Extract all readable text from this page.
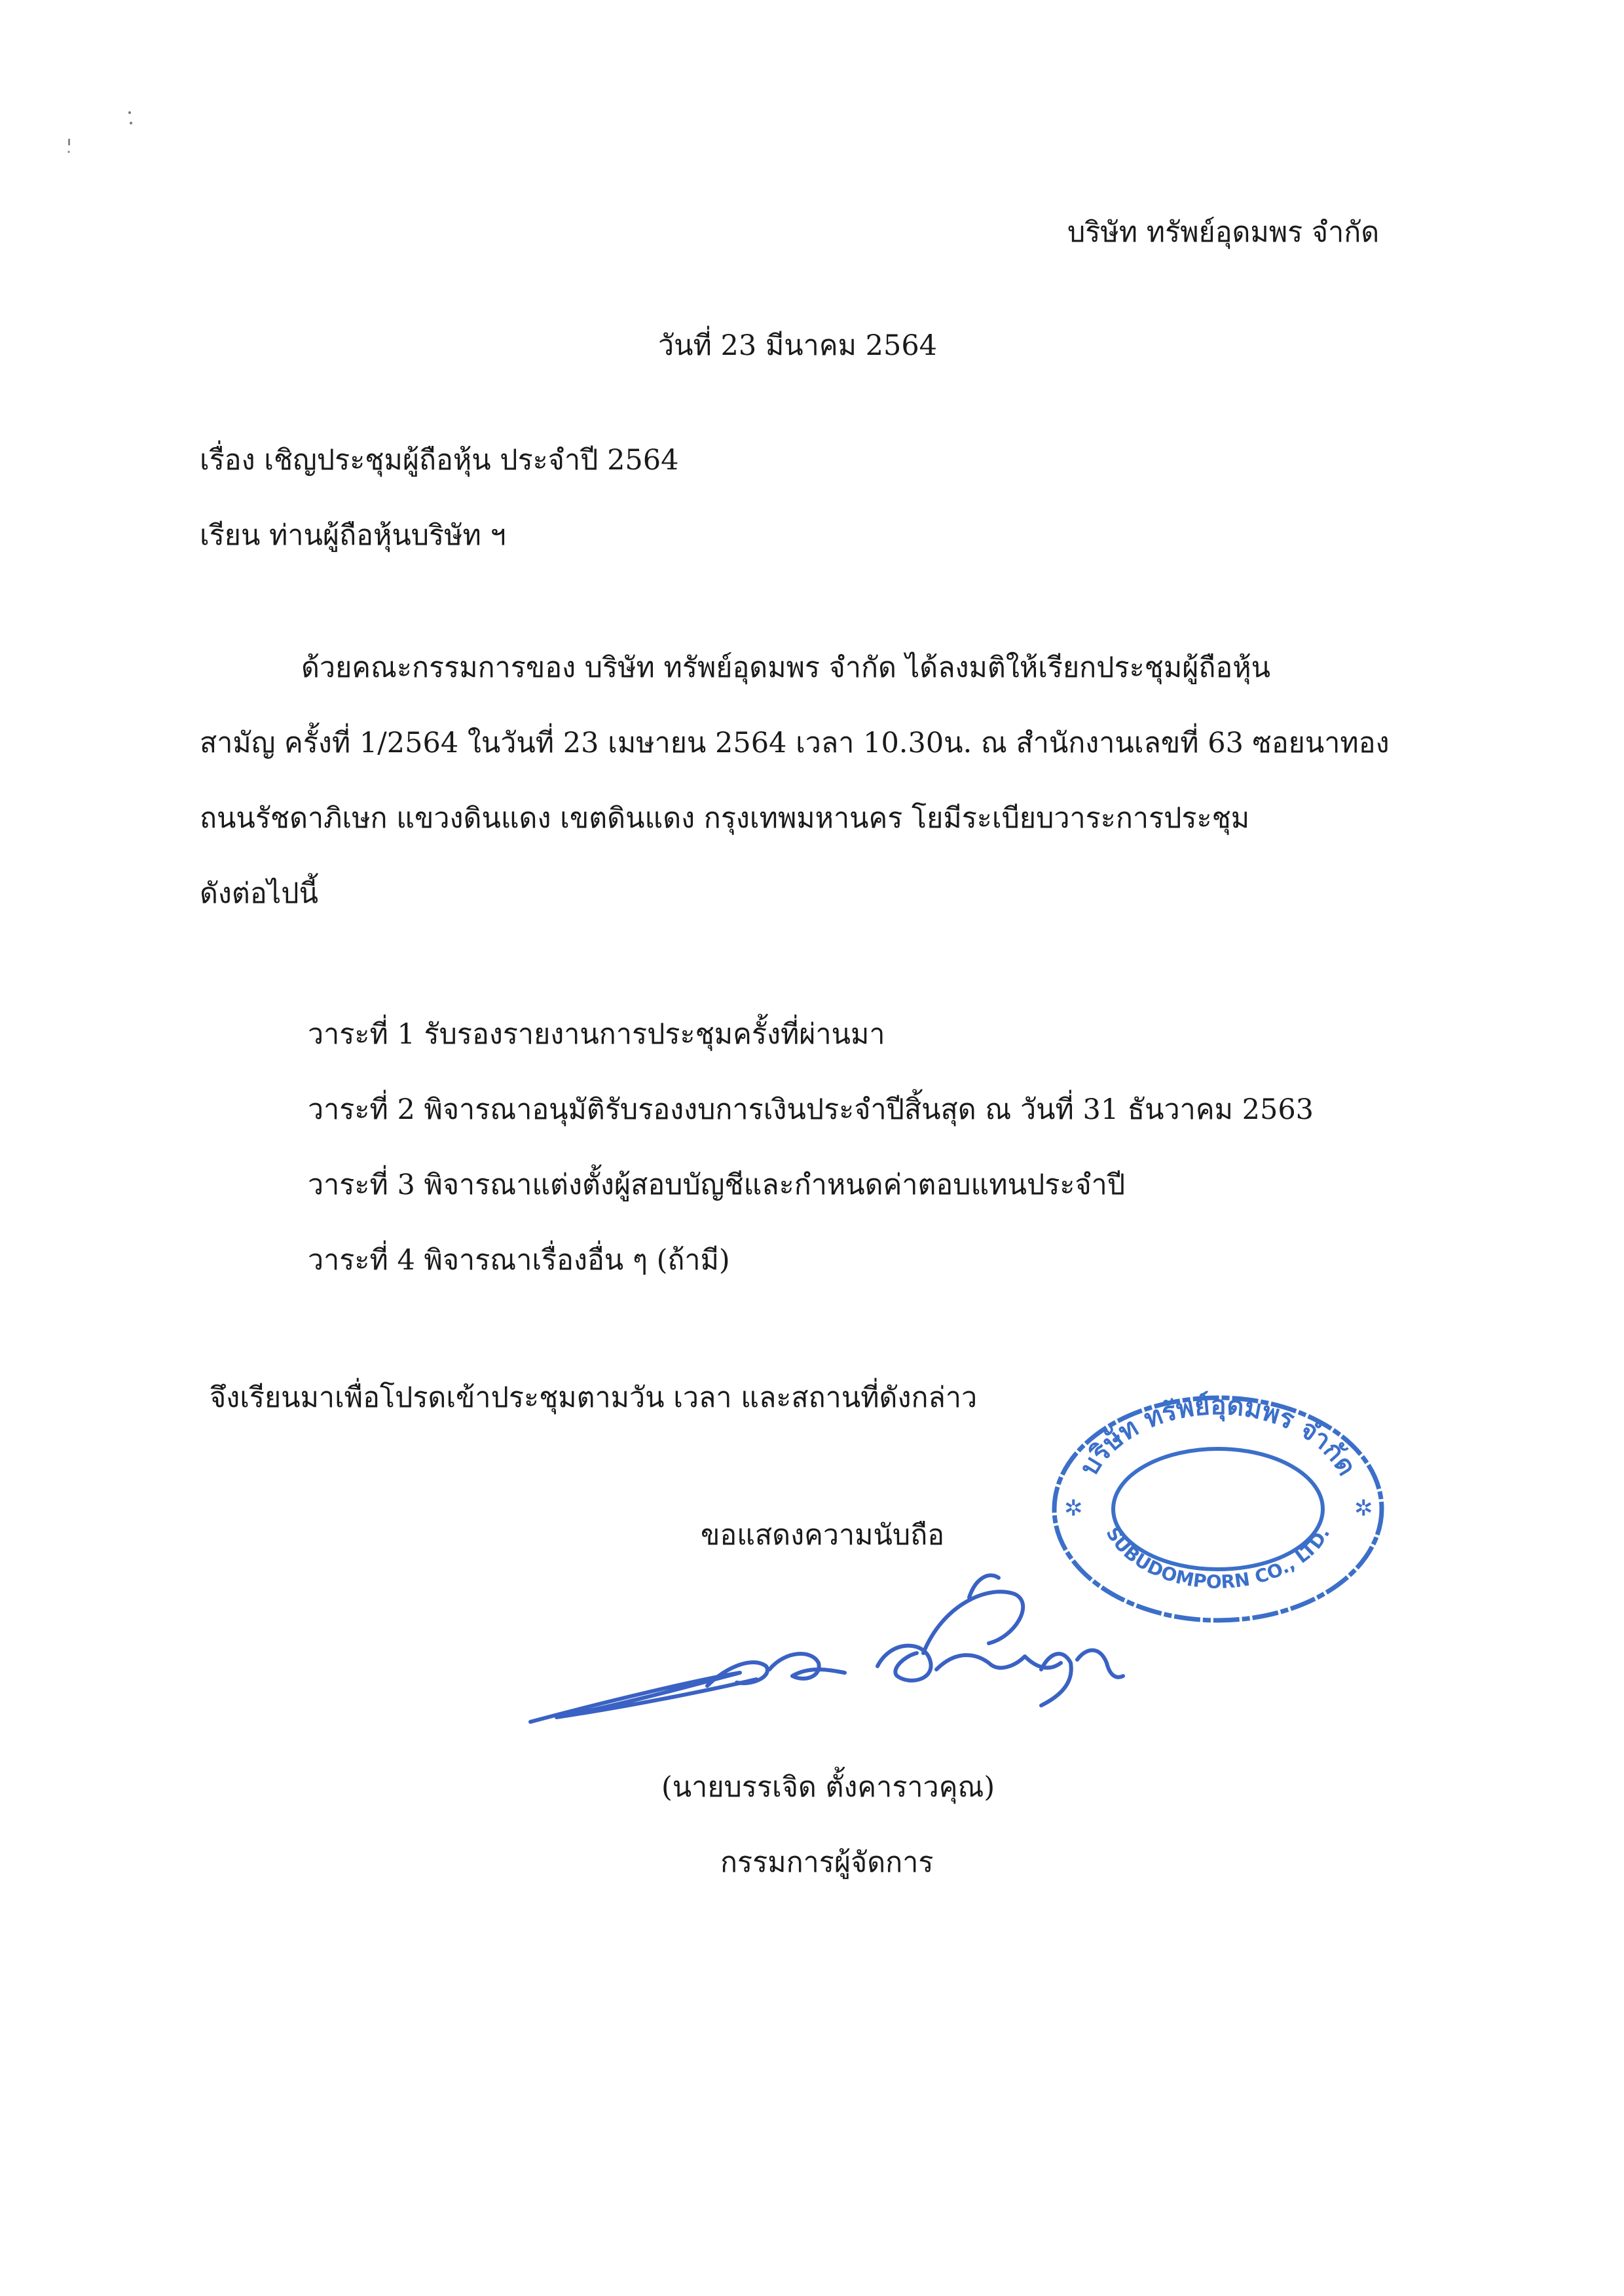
บริษัท ทรัพย์อุดมพร จำกัด
วันที่ 23 มีนาคม 2564
เรื่อง เชิญประชุมผู้ถือหุ้น ประจำปี 2564
เรียน ท่านผู้ถือหุ้นบริษัท ฯ
ด้วยคณะกรรมการของ บริษัท ทรัพย์อุดมพร จำกัด ได้ลงมติให้เรียกประชุมผู้ถือหุ้น
สามัญ ครั้งที่ 1/2564 ในวันที่ 23 เมษายน 2564 เวลา 10.30น. ณ สำนักงานเลขที่ 63 ซอยนาทอง
ถนนรัชดาภิเษก แขวงดินแดง เขตดินแดง กรุงเทพมหานคร โยมีระเบียบวาระการประชุม
ดังต่อไปนี้
วาระที่ 1 รับรองรายงานการประชุมครั้งที่ผ่านมา
วาระที่ 2 พิจารณาอนุมัติรับรองงบการเงินประจำปีสิ้นสุด ณ วันที่ 31 ธันวาคม 2563
วาระที่ 3 พิจารณาแต่งตั้งผู้สอบบัญชีและกำหนดค่าตอบแทนประจำปี
วาระที่ 4 พิจารณาเรื่องอื่น ๆ (ถ้ามี)
จึงเรียนมาเพื่อโปรดเข้าประชุมตามวัน เวลา และสถานที่ดังกล่าว
บริษัท ทรัพย์อุดมพร จำกัด
SUBUDOMPORN CO., LTD.
✲	✲
ขอแสดงความนับถือ
(นายบรรเจิด ตั้งคาราวคุณ)
กรรมการผู้จัดการ
